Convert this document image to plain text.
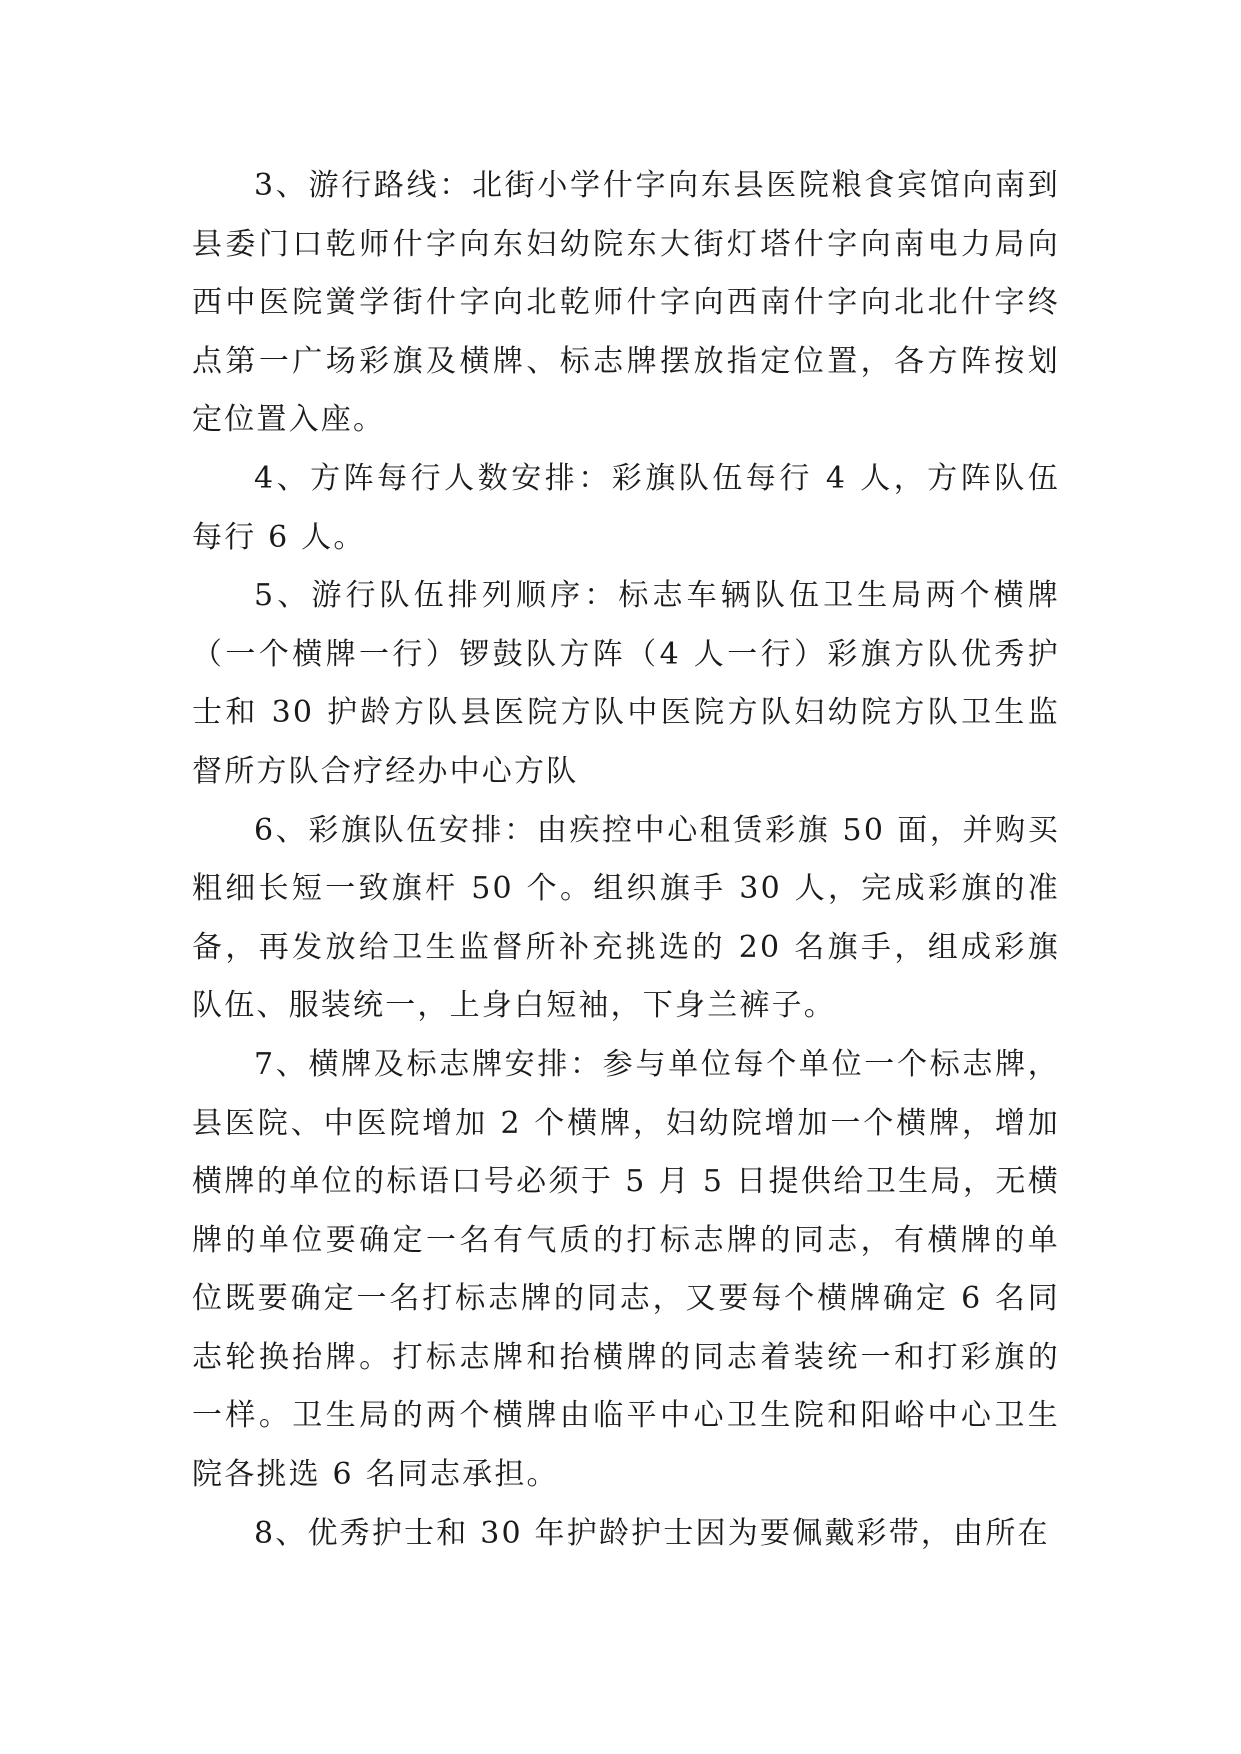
3、游行路线：北街小学什字向东县医院粮食宾馆向南到县委门口乾师什字向东妇幼院东大街灯塔什字向南电力局向西中医院黉学街什字向北乾师什字向西南什字向北北什字终点第一广场彩旗及横牌、标志牌摆放指定位置，各方阵按划定位置入座。

4、方阵每行人数安排：彩旗队伍每行 4 人，方阵队伍每行 6 人。

5、游行队伍排列顺序：标志车辆队伍卫生局两个横牌（一个横牌一行）锣鼓队方阵（4 人一行）彩旗方队优秀护士和 30 护龄方队县医院方队中医院方队妇幼院方队卫生监督所方队合疗经办中心方队

6、彩旗队伍安排：由疾控中心租赁彩旗 50 面，并购买粗细长短一致旗杆 50 个。组织旗手 30 人，完成彩旗的准备，再发放给卫生监督所补充挑选的 20 名旗手，组成彩旗队伍、服装统一，上身白短袖，下身兰裤子。

7、横牌及标志牌安排：参与单位每个单位一个标志牌，县医院、中医院增加 2 个横牌，妇幼院增加一个横牌，增加横牌的单位的标语口号必须于 5 月 5 日提供给卫生局，无横牌的单位要确定一名有气质的打标志牌的同志，有横牌的单位既要确定一名打标志牌的同志，又要每个横牌确定 6 名同志轮换抬牌。打标志牌和抬横牌的同志着装统一和打彩旗的一样。卫生局的两个横牌由临平中心卫生院和阳峪中心卫生院各挑选 6 名同志承担。

8、优秀护士和 30 年护龄护士因为要佩戴彩带，由所在
